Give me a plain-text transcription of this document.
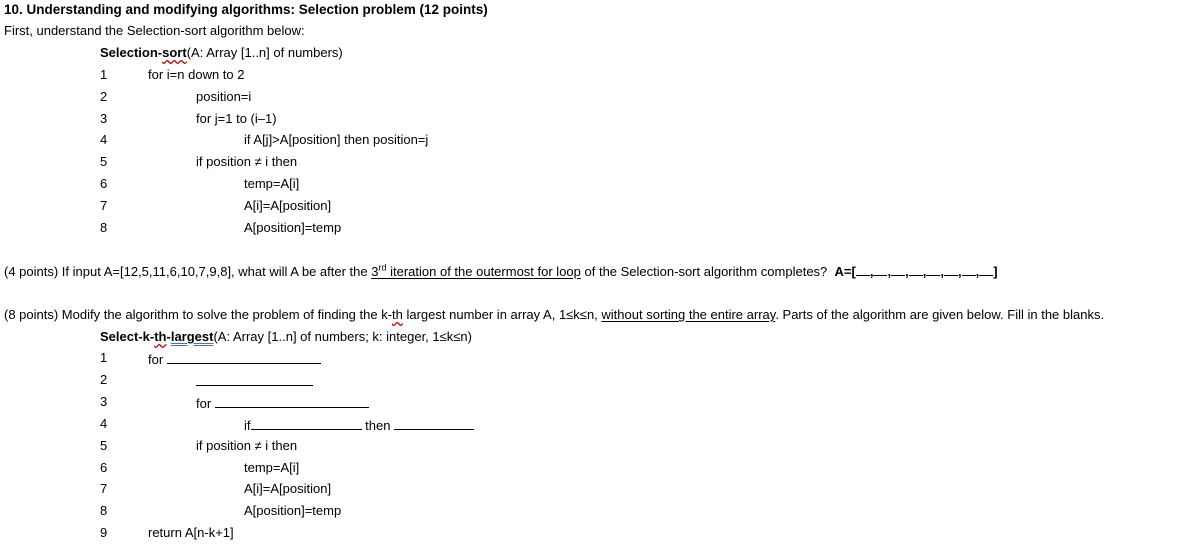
10. Understanding and modifying algorithms: Selection problem (12 points)
First, understand the Selection-sort algorithm below:
Selection-sort(A: Array [1..n] of numbers)
1	for i=n down to 2
2	position=i
3	for j=1 to (i–1)
4	if A[j]>A[position] then position=j
5	if position ≠ i then
6	temp=A[i]
7	A[i]=A[position]
8	A[position]=temp
(4 points) If input A=[12,5,11,6,10,7,9,8], what will A be after the 3rd iteration of the outermost for loop of the Selection-sort algorithm completes? A=[ , , , , , , , ]
(8 points) Modify the algorithm to solve the problem of finding the k-th largest number in array A, 1≤k≤n, without sorting the entire array. Parts of the algorithm are given below. Fill in the blanks.
Select-k-th-largest(A: Array [1..n] of numbers; k: integer, 1≤k≤n)
1	for
2
3	for
4	if	then
5	if position ≠ i then
6	temp=A[i]
7	A[i]=A[position]
8	A[position]=temp
9	return A[n-k+1]
